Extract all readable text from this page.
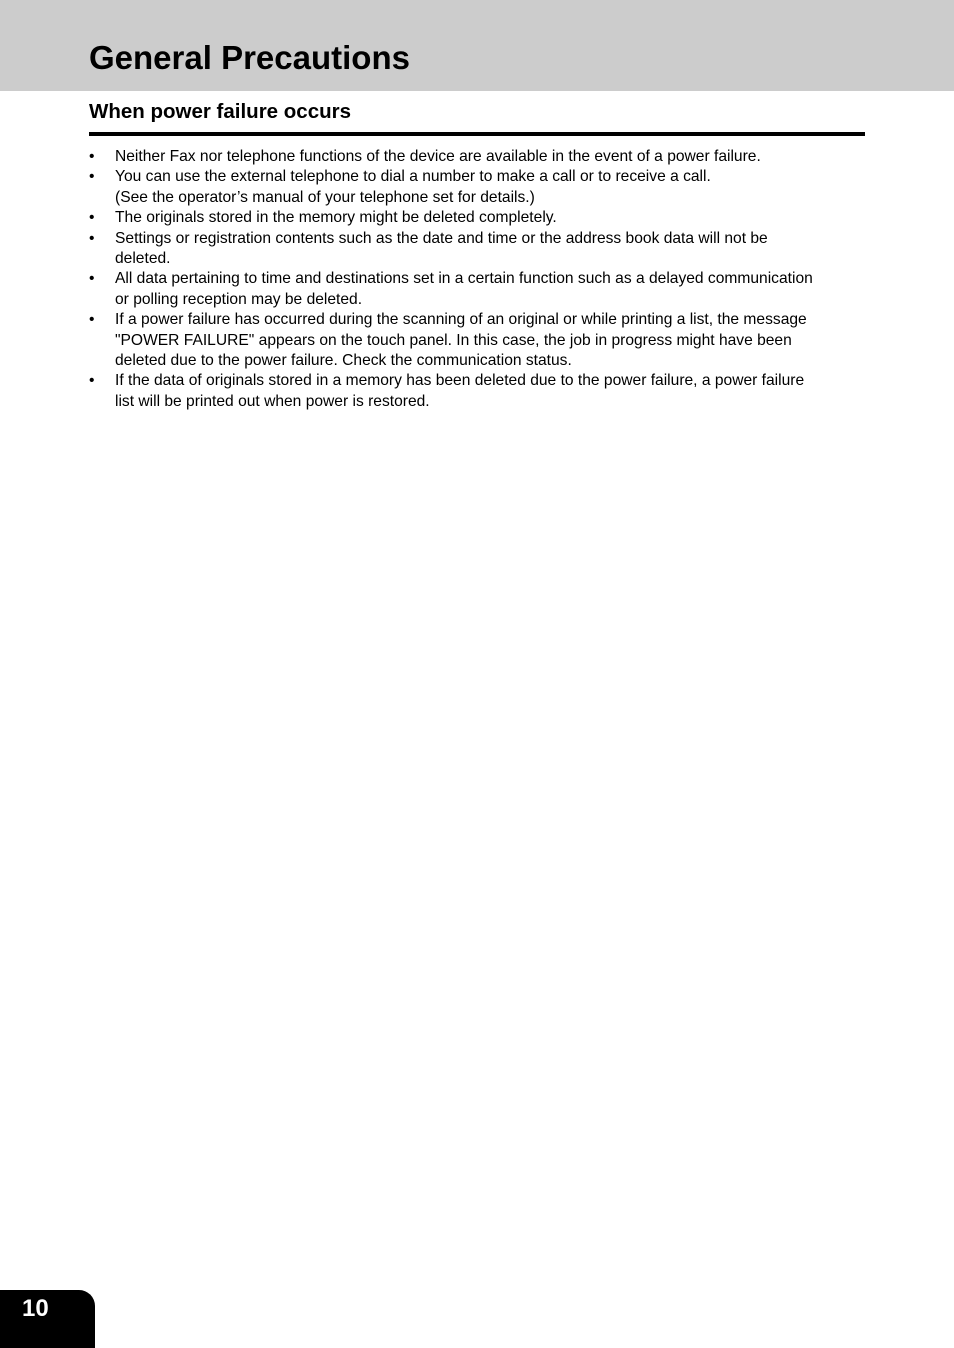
General Precautions
When power failure occurs
• Neither Fax nor telephone functions of the device are available in the event of a power failure.
• You can use the external telephone to dial a number to make a call or to receive a call.
(See the operator’s manual of your telephone set for details.)
• The originals stored in the memory might be deleted completely.
• Settings or registration contents such as the date and time or the address book data will not be
deleted.
• All data pertaining to time and destinations set in a certain function such as a delayed communication
or polling reception may be deleted.
• If a power failure has occurred during the scanning of an original or while printing a list, the message
"POWER FAILURE" appears on the touch panel. In this case, the job in progress might have been
deleted due to the power failure. Check the communication status.
• If the data of originals stored in a memory has been deleted due to the power failure, a power failure
list will be printed out when power is restored.
10
